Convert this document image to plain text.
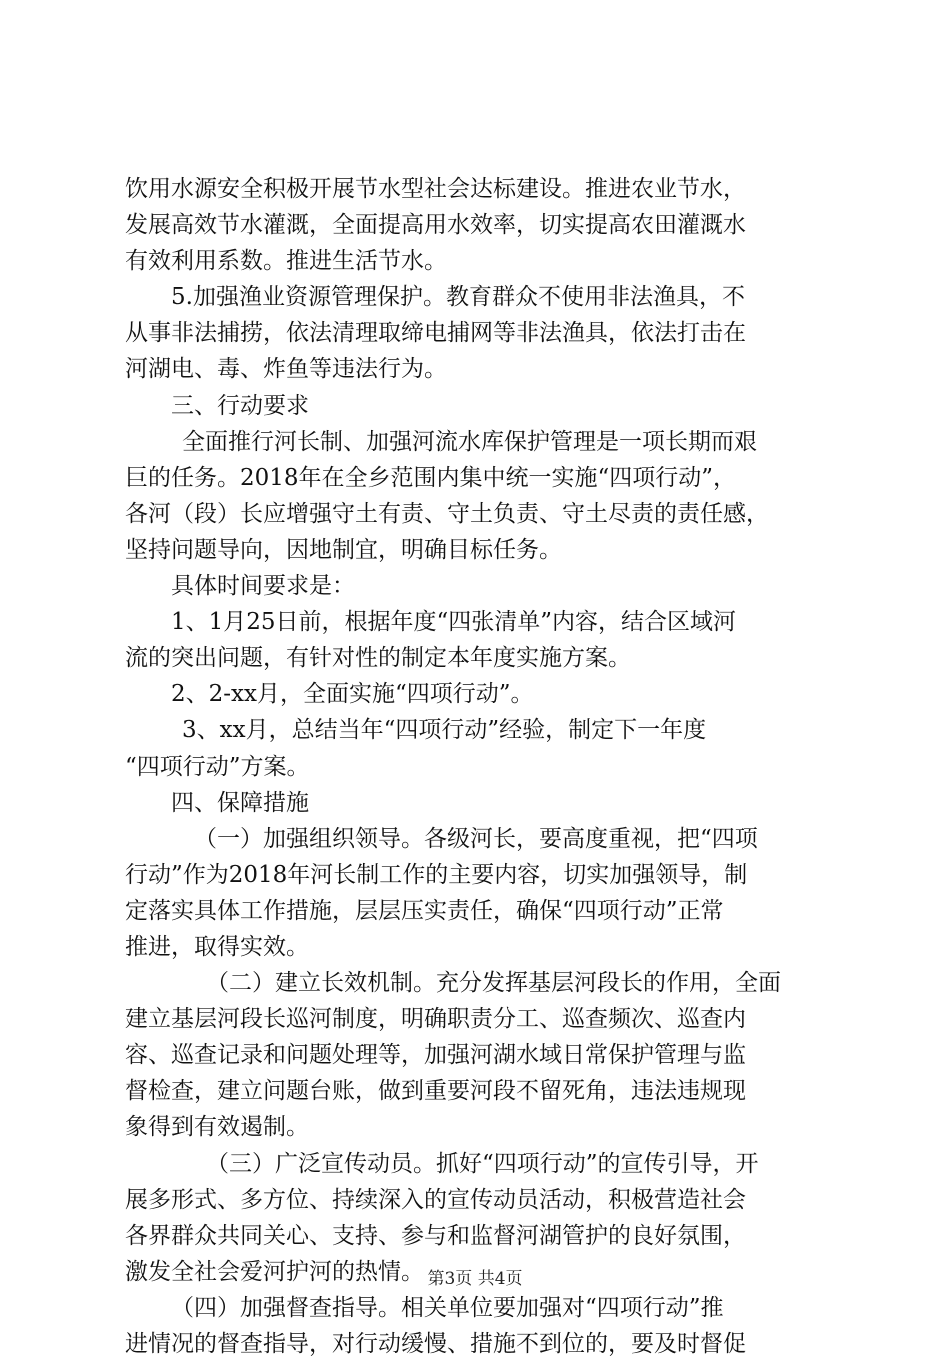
饮用水源安全积极开展节水型社会达标建设。推进农业节水，
发展高效节水灌溉，全面提高用水效率，切实提高农田灌溉水
有效利用系数。推进生活节水。
5.加强渔业资源管理保护。教育群众不使用非法渔具，不
从事非法捕捞，依法清理取缔电捕网等非法渔具，依法打击在
河湖电、毒、炸鱼等违法行为。
三、行动要求
全面推行河长制、加强河流水库保护管理是一项长期而艰
巨的任务。2018年在全乡范围内集中统一实施“四项行动”，
各河（段）长应增强守土有责、守土负责、守土尽责的责任感，
坚持问题导向，因地制宜，明确目标任务。
具体时间要求是：
1、1月25日前，根据年度“四张清单”内容，结合区域河
流的突出问题，有针对性的制定本年度实施方案。
2、2-xx月，全面实施“四项行动”。
3、xx月，总结当年“四项行动”经验，制定下一年度
“四项行动”方案。
四、保障措施
（一）加强组织领导。各级河长，要高度重视，把“四项
行动”作为2018年河长制工作的主要内容，切实加强领导，制
定落实具体工作措施，层层压实责任，确保“四项行动”正常
推进，取得实效。
（二）建立长效机制。充分发挥基层河段长的作用，全面
建立基层河段长巡河制度，明确职责分工、巡查频次、巡查内
容、巡查记录和问题处理等，加强河湖水域日常保护管理与监
督检查，建立问题台账，做到重要河段不留死角，违法违规现
象得到有效遏制。
（三）广泛宣传动员。抓好“四项行动”的宣传引导，开
展多形式、多方位、持续深入的宣传动员活动，积极营造社会
各界群众共同关心、支持、参与和监督河湖管护的良好氛围，
激发全社会爱河护河的热情。
（四）加强督查指导。相关单位要加强对“四项行动”推
进情况的督查指导，对行动缓慢、措施不到位的，要及时督促
第3页 共4页
